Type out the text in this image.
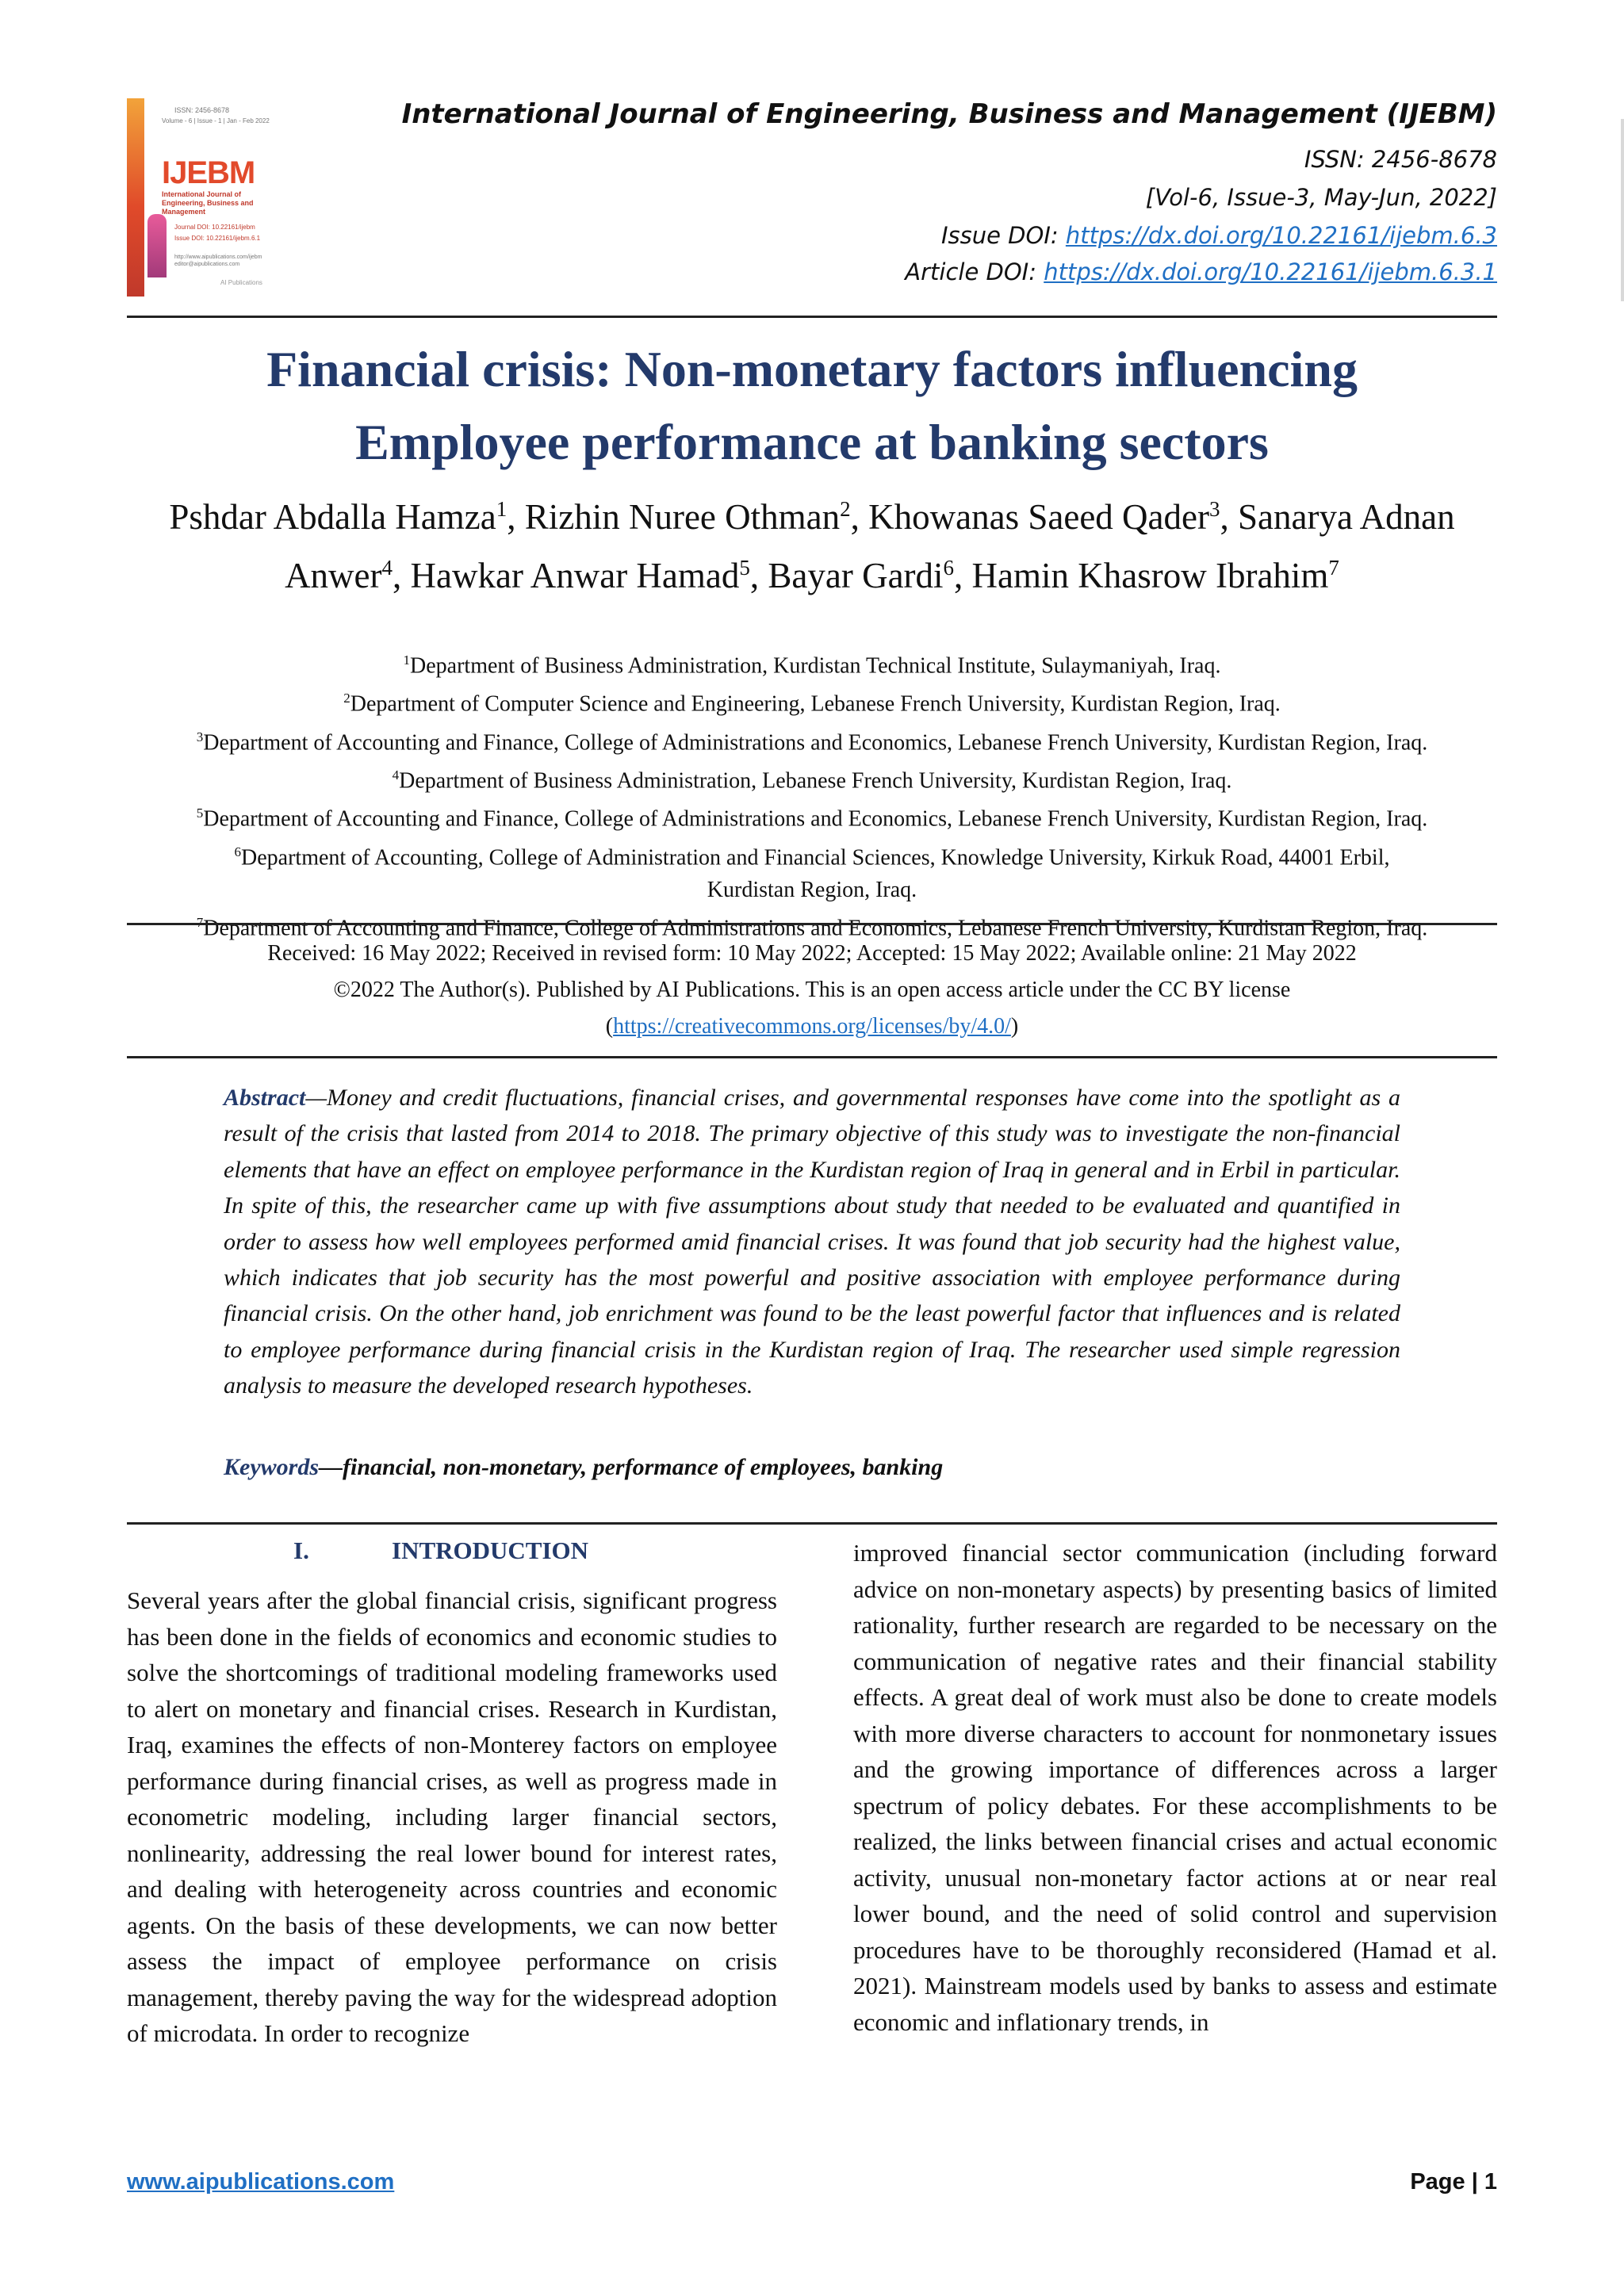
ISSN: 2456-8678
Volume - 6 | Issue - 1 | Jan - Feb 2022
IJEBM
International Journal of Engineering, Business and Management
Journal DOI: 10.22161/ijebm
Issue DOI: 10.22161/ijebm.6.1
http://www.aipublications.com/ijebm editor@aipublications.com
AI Publications
International Journal of Engineering, Business and Management (IJEBM)
ISSN: 2456-8678
[Vol-6, Issue-3, May-Jun, 2022]
Issue DOI: https://dx.doi.org/10.22161/ijebm.6.3
Article DOI: https://dx.doi.org/10.22161/ijebm.6.3.1
Financial crisis: Non-monetary factors influencing
Employee performance at banking sectors
Pshdar Abdalla Hamza$^1$, Rizhin Nuree Othman$^2$, Khowanas Saeed Qader$^3$, Sanarya Adnan Anwer$^4$, Hawkar Anwar Hamad$^5$, Bayar Gardi$^6$, Hamin Khasrow Ibrahim$^7$
$^1$Department of Business Administration, Kurdistan Technical Institute, Sulaymaniyah, Iraq.
$^2$Department of Computer Science and Engineering, Lebanese French University, Kurdistan Region, Iraq.
$^3$Department of Accounting and Finance, College of Administrations and Economics, Lebanese French University, Kurdistan Region, Iraq.
$^4$Department of Business Administration, Lebanese French University, Kurdistan Region, Iraq.
$^5$Department of Accounting and Finance, College of Administrations and Economics, Lebanese French University, Kurdistan Region, Iraq.
$^6$Department of Accounting, College of Administration and Financial Sciences, Knowledge University, Kirkuk Road, 44001 Erbil, Kurdistan Region, Iraq.
$^7$Department of Accounting and Finance, College of Administrations and Economics, Lebanese French University, Kurdistan Region, Iraq.
Received: 16 May 2022; Received in revised form: 10 May 2022; Accepted: 15 May 2022; Available online: 21 May 2022
©2022 The Author(s). Published by AI Publications. This is an open access article under the CC BY license
(https://creativecommons.org/licenses/by/4.0/)
Abstract—Money and credit fluctuations, financial crises, and governmental responses have come into the spotlight as a result of the crisis that lasted from 2014 to 2018. The primary objective of this study was to investigate the non-financial elements that have an effect on employee performance in the Kurdistan region of Iraq in general and in Erbil in particular. In spite of this, the researcher came up with five assumptions about study that needed to be evaluated and quantified in order to assess how well employees performed amid financial crises. It was found that job security had the highest value, which indicates that job security has the most powerful and positive association with employee performance during financial crisis. On the other hand, job enrichment was found to be the least powerful factor that influences and is related to employee performance during financial crisis in the Kurdistan region of Iraq. The researcher used simple regression analysis to measure the developed research hypotheses.
Keywords—financial, non-monetary, performance of employees, banking
I.	INTRODUCTION
Several years after the global financial crisis, significant progress has been done in the fields of economics and economic studies to solve the shortcomings of traditional modeling frameworks used to alert on monetary and financial crises. Research in Kurdistan, Iraq, examines the effects of non-Monterey factors on employee performance during financial crises, as well as progress made in econometric modeling, including larger financial sectors, nonlinearity, addressing the real lower bound for interest rates, and dealing with heterogeneity across countries and economic agents. On the basis of these developments, we can now better assess the impact of employee performance on crisis management, thereby paving the way for the widespread adoption of microdata. In order to recognize
improved financial sector communication (including forward advice on non-monetary aspects) by presenting basics of limited rationality, further research are regarded to be necessary on the communication of negative rates and their financial stability effects. A great deal of work must also be done to create models with more diverse characters to account for nonmonetary issues and the growing importance of differences across a larger spectrum of policy debates. For these accomplishments to be realized, the links between financial crises and actual economic activity, unusual non-monetary factor actions at or near real lower bound, and the need of solid control and supervision procedures have to be thoroughly reconsidered (Hamad et al. 2021). Mainstream models used by banks to assess and estimate economic and inflationary trends, in
www.aipublications.com	Page | 1
